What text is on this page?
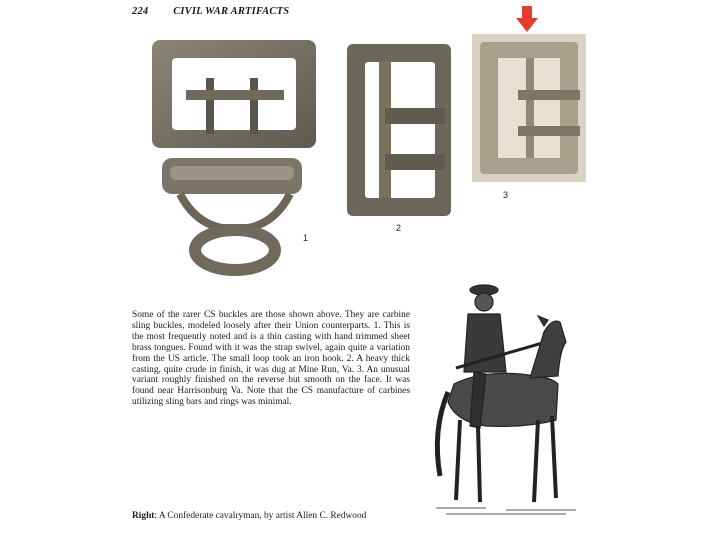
224 CIVIL WAR ARTIFACTS
1
2
3

Some of the rarer CS buckles are those shown above. They are carbine sling buckles, modeled loosely after their Union counterparts. 1. This is the most frequently noted and is a thin casting with hand trimmed sheet brass tongues. Found with it was the strap swivel, again quite a variation from the US article. The small loop took an iron hook. 2. A heavy thick casting, quite crude in finish, it was dug at Mine Run, Va. 3. An unusual variant roughly finished on the reverse but smooth on the face. It was found near Harrisonburg Va. Note that the CS manufacture of carbines utilizing sling bars and rings was minimal.

Right: A Confederate cavalryman, by artist Allen C. Redwood
